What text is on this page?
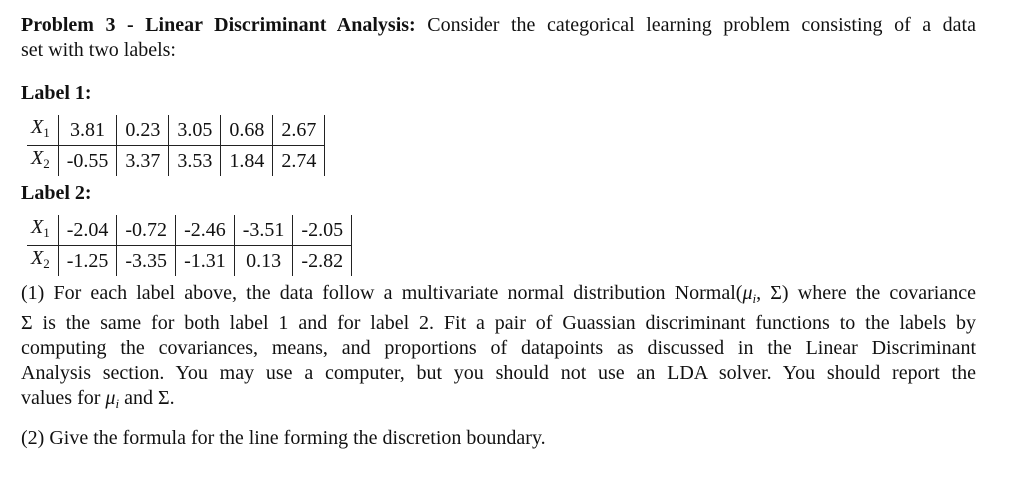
Problem 3 - Linear Discriminant Analysis: Consider the categorical learning problem consisting of a data

set with two labels:

Label 1:

$X_1$	3.81	0.23	3.05	0.68	2.67
$X_2$	-0.55	3.37	3.53	1.84	2.74

Label 2:

$X_1$	-2.04	-0.72	-2.46	-3.51	-2.05
$X_2$	-1.25	-3.35	-1.31	0.13	-2.82

(1) For each label above, the data follow a multivariate normal distribution $Normal(\mu_i$, Σ) where the covariance

Σ is the same for both label 1 and for label 2. Fit a pair of Guassian discriminant functions to the labels by

computing the covariances, means, and proportions of datapoints as discussed in the Linear Discriminant

Analysis section. You may use a computer, but you should not use an LDA solver. You should report the

values for $\mu_i$ and Σ.

(2) Give the formula for the line forming the discretion boundary.
